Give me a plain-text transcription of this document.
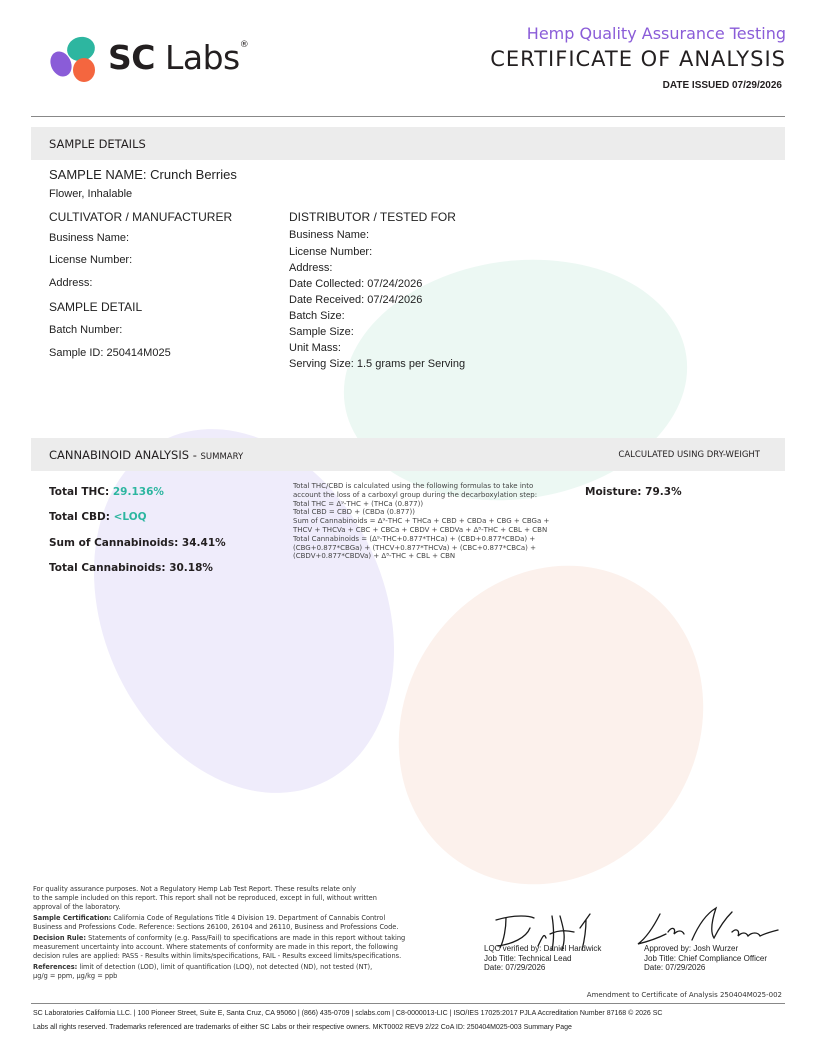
SC Labs®
Hemp Quality Assurance Testing
CERTIFICATE OF ANALYSIS
DATE ISSUED 07/29/2026
SAMPLE DETAILS
SAMPLE NAME: Crunch Berries
Flower, Inhalable
CULTIVATOR / MANUFACTURER
Business Name:
License Number:
Address:
SAMPLE DETAIL
Batch Number:
Sample ID: 250414M025
DISTRIBUTOR / TESTED FOR
Business Name:
License Number:
Address:
Date Collected: 07/24/2026
Date Received: 07/24/2026
Batch Size:
Sample Size:
Unit Mass:
Serving Size: 1.5 grams per Serving
CANNABINOID ANALYSIS - SUMMARY	CALCULATED USING DRY-WEIGHT
Total THC: 29.136%
Total CBD: <LOQ
Sum of Cannabinoids: 34.41%
Total Cannabinoids: 30.18%
Total THC/CBD is calculated using the following formulas to take into
account the loss of a carboxyl group during the decarboxylation step:
Total THC = Δ⁹-THC + (THCa (0.877))
Total CBD = CBD + (CBDa (0.877))
Sum of Cannabinoids = Δ⁹-THC + THCa + CBD + CBDa + CBG + CBGa +
THCV + THCVa + CBC + CBCa + CBDV + CBDVa + Δ⁸-THC + CBL + CBN
Total Cannabinoids = (Δ⁹-THC+0.877*THCa) + (CBD+0.877*CBDa) +
(CBG+0.877*CBGa) + (THCV+0.877*THCVa) + (CBC+0.877*CBCa) +
(CBDV+0.877*CBDVa) + Δ⁸-THC + CBL + CBN
Moisture: 79.3%
For quality assurance purposes. Not a Regulatory Hemp Lab Test Report. These results relate only
to the sample included on this report. This report shall not be reproduced, except in full, without written
approval of the laboratory.
Sample Certification: California Code of Regulations Title 4 Division 19. Department of Cannabis Control
Business and Professions Code. Reference: Sections 26100, 26104 and 26110, Business and Professions Code.
Decision Rule: Statements of conformity (e.g. Pass/Fail) to specifications are made in this report without taking
measurement uncertainty into account. Where statements of conformity are made in this report, the following
decision rules are applied: PASS - Results within limits/specifications, FAIL - Results exceed limits/specifications.
References: limit of detection (LOD), limit of quantification (LOQ), not detected (ND), not tested (NT),
µg/g = ppm, µg/kg = ppb
LQC verified by: Daniel Hardwick
Job Title: Technical Lead
Date: 07/29/2026
Approved by: Josh Wurzer
Job Title: Chief Compliance Officer
Date: 07/29/2026
Amendment to Certificate of Analysis 250404M025-002
SC Laboratories California LLC. | 100 Pioneer Street, Suite E, Santa Cruz, CA 95060 | (866) 435-0709 | sclabs.com | C8-0000013-LIC | ISO/IES 17025:2017 PJLA Accreditation Number 87168 © 2026 SC
Labs all rights reserved. Trademarks referenced are trademarks of either SC Labs or their respective owners. MKT0002 REV9 2/22 CoA ID: 250404M025-003 Summary Page
